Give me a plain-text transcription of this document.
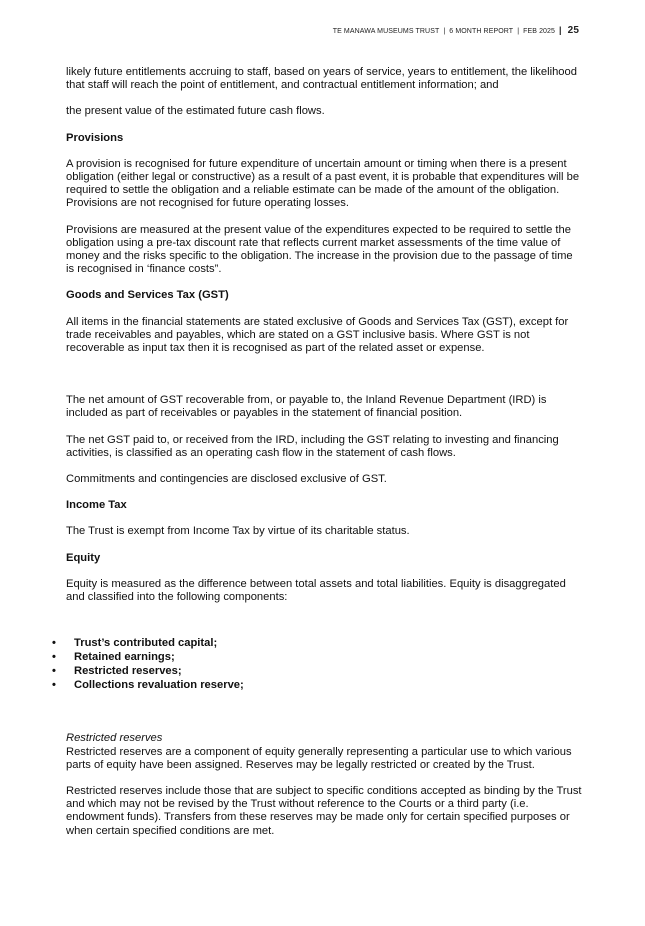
TE MANAWA MUSEUMS TRUST | 6 MONTH REPORT | FEB 2025 | 25

likely future entitlements accruing to staff, based on years of service, years to entitlement, the likelihood that staff will reach the point of entitlement, and contractual entitlement information; and

the present value of the estimated future cash flows.

Provisions

A provision is recognised for future expenditure of uncertain amount or timing when there is a present obligation (either legal or constructive) as a result of a past event, it is probable that expenditures will be required to settle the obligation and a reliable estimate can be made of the amount of the obligation. Provisions are not recognised for future operating losses.

Provisions are measured at the present value of the expenditures expected to be required to settle the obligation using a pre-tax discount rate that reflects current market assessments of the time value of money and the risks specific to the obligation. The increase in the provision due to the passage of time is recognised in ‘finance costs”.

Goods and Services Tax (GST)

All items in the financial statements are stated exclusive of Goods and Services Tax (GST), except for trade receivables and payables, which are stated on a GST inclusive basis. Where GST is not recoverable as input tax then it is recognised as part of the related asset or expense.

The net amount of GST recoverable from, or payable to, the Inland Revenue Department (IRD) is included as part of receivables or payables in the statement of financial position.

The net GST paid to, or received from the IRD, including the GST relating to investing and financing activities, is classified as an operating cash flow in the statement of cash flows.

Commitments and contingencies are disclosed exclusive of GST.

Income Tax

The Trust is exempt from Income Tax by virtue of its charitable status.

Equity

Equity is measured as the difference between total assets and total liabilities. Equity is disaggregated and classified into the following components:

• Trust’s contributed capital;
• Retained earnings;
• Restricted reserves;
• Collections revaluation reserve;

Restricted reserves

Restricted reserves are a component of equity generally representing a particular use to which various parts of equity have been assigned. Reserves may be legally restricted or created by the Trust.

Restricted reserves include those that are subject to specific conditions accepted as binding by the Trust and which may not be revised by the Trust without reference to the Courts or a third party (i.e. endowment funds). Transfers from these reserves may be made only for certain specified purposes or when certain specified conditions are met.
